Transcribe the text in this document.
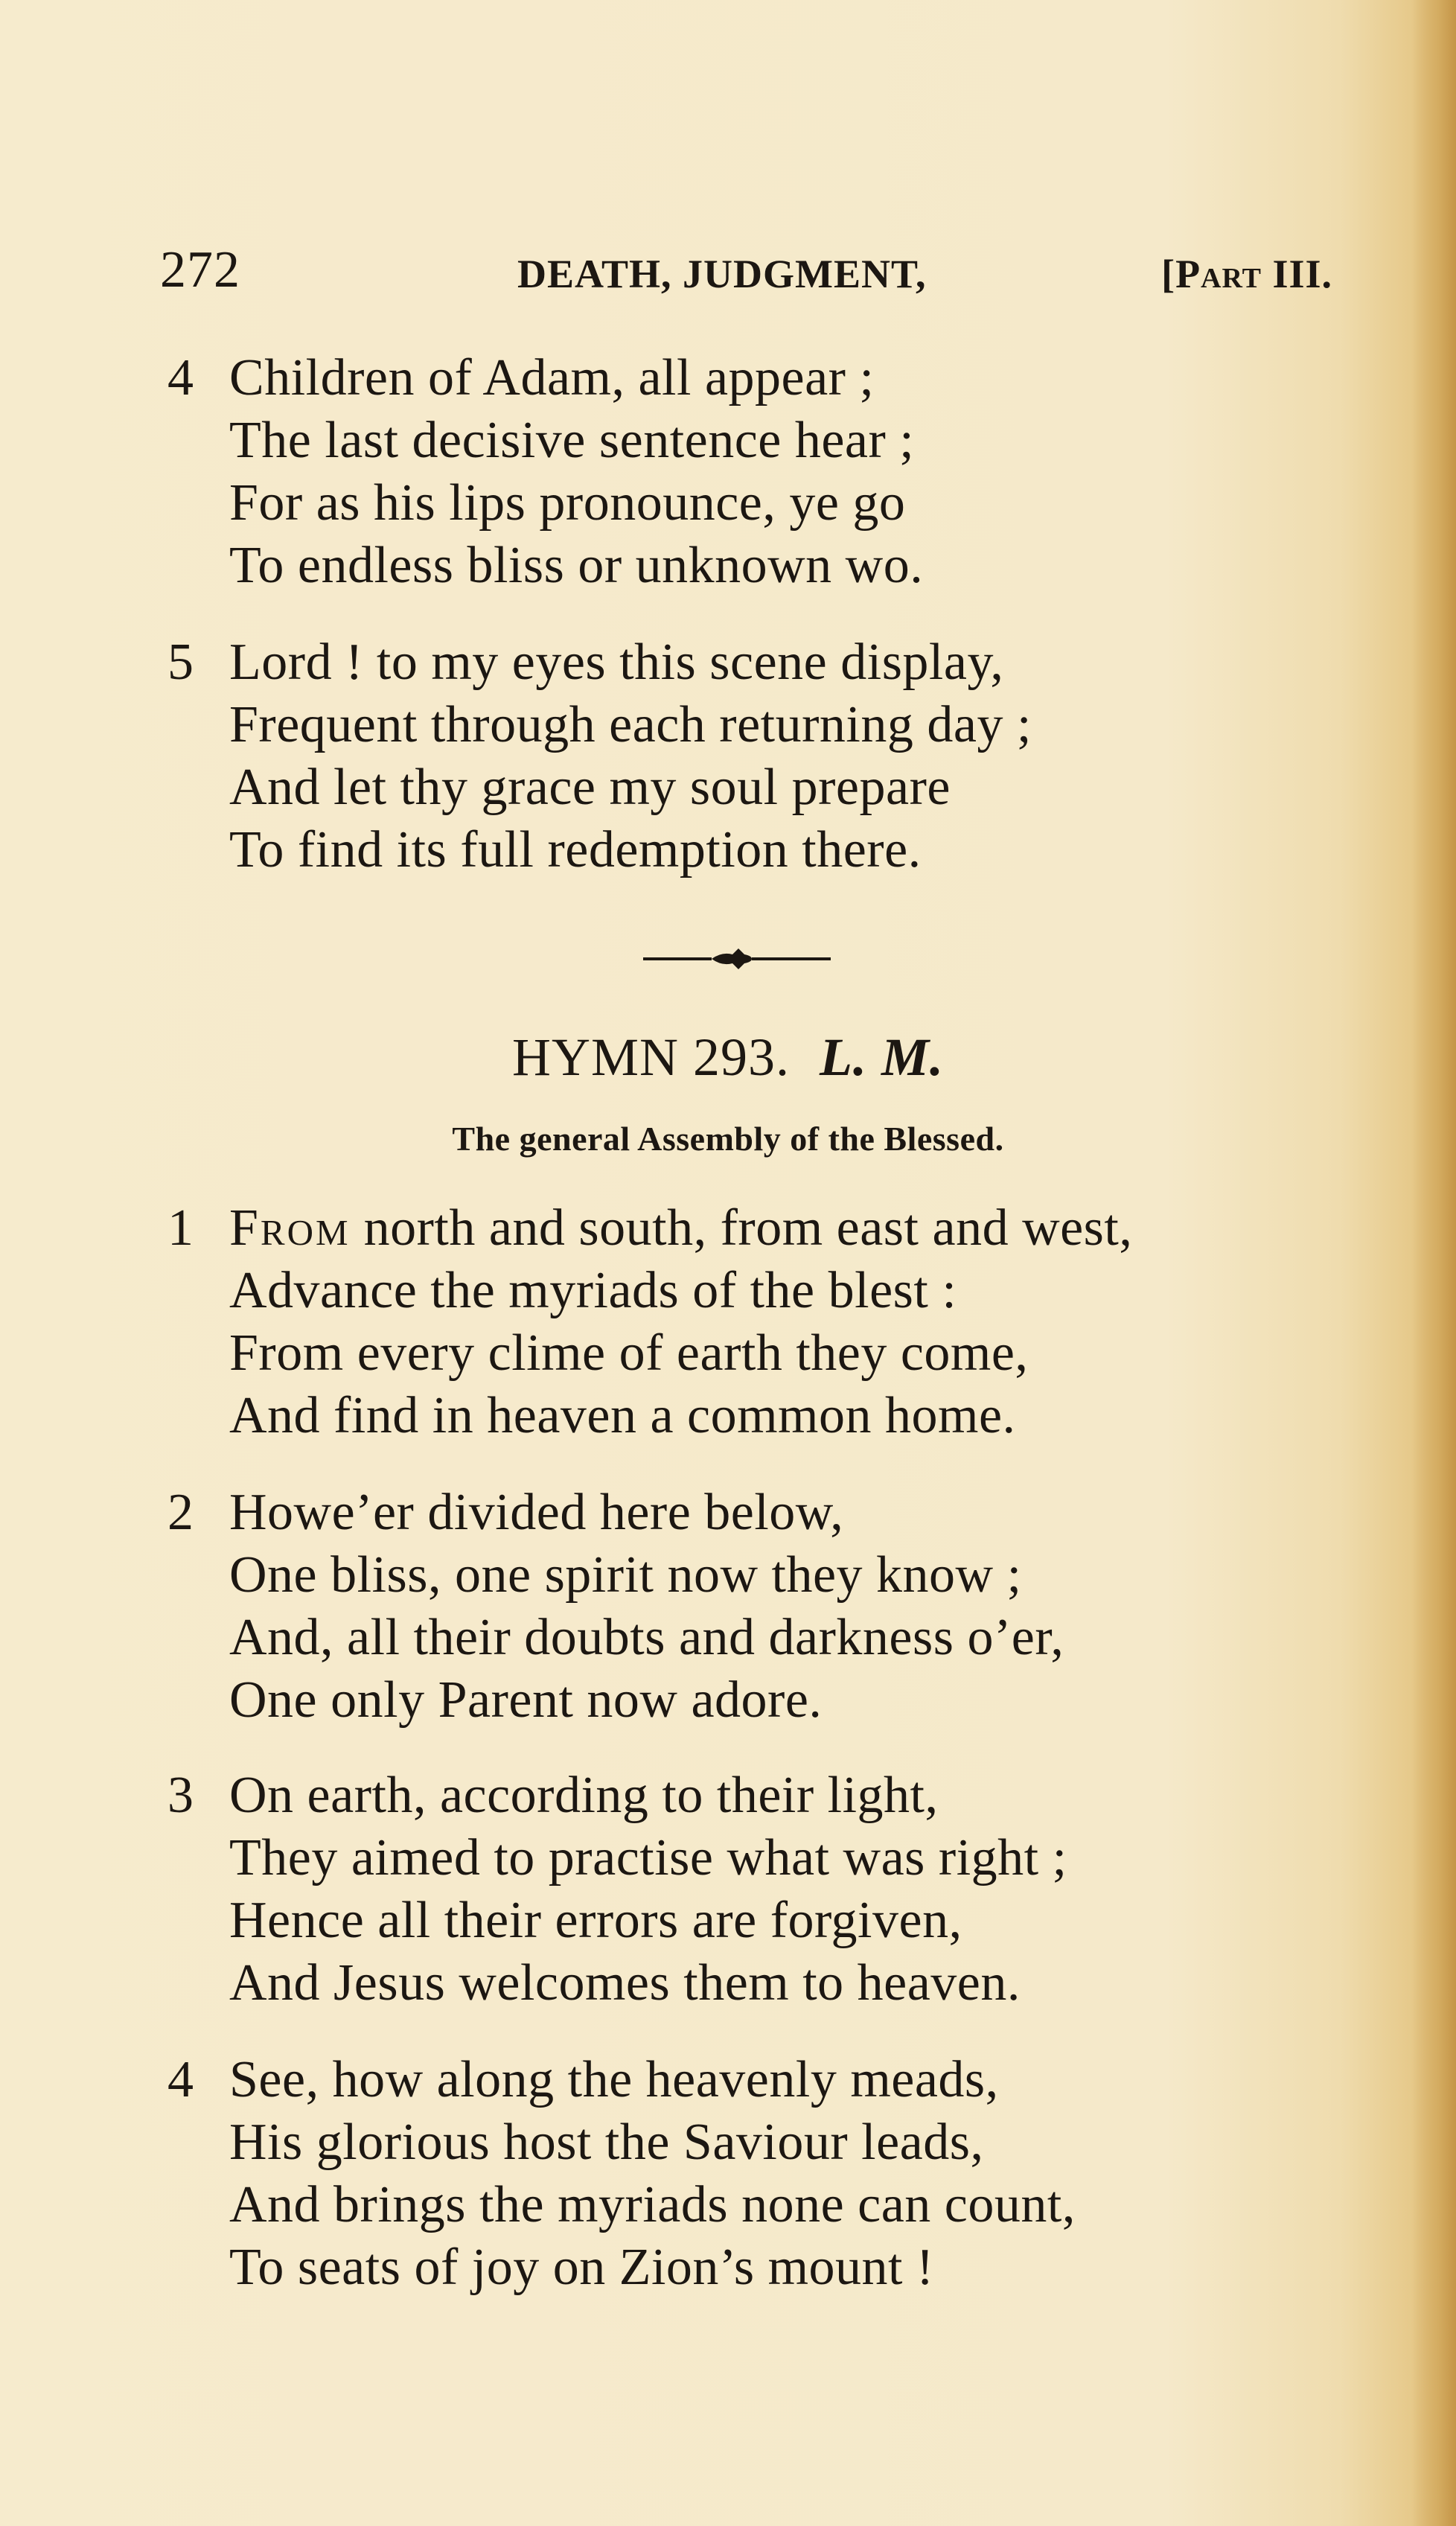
272	DEATH, JUDGMENT,	[Part III.
4 Children of Adam, all appear ;
The last decisive sentence hear ;
For as his lips pronounce, ye go
To endless bliss or unknown wo.
5 Lord ! to my eyes this scene display,
Frequent through each returning day ;
And let thy grace my soul prepare
To find its full redemption there.
HYMN 293. L. M.
The general Assembly of the Blessed.
1 From north and south, from east and west,
Advance the myriads of the blest :
From every clime of earth they come,
And find in heaven a common home.
2 Howe’er divided here below,
One bliss, one spirit now they know ;
And, all their doubts and darkness o’er,
One only Parent now adore.
3 On earth, according to their light,
They aimed to practise what was right ;
Hence all their errors are forgiven,
And Jesus welcomes them to heaven.
4 See, how along the heavenly meads,
His glorious host the Saviour leads,
And brings the myriads none can count,
To seats of joy on Zion’s mount !
